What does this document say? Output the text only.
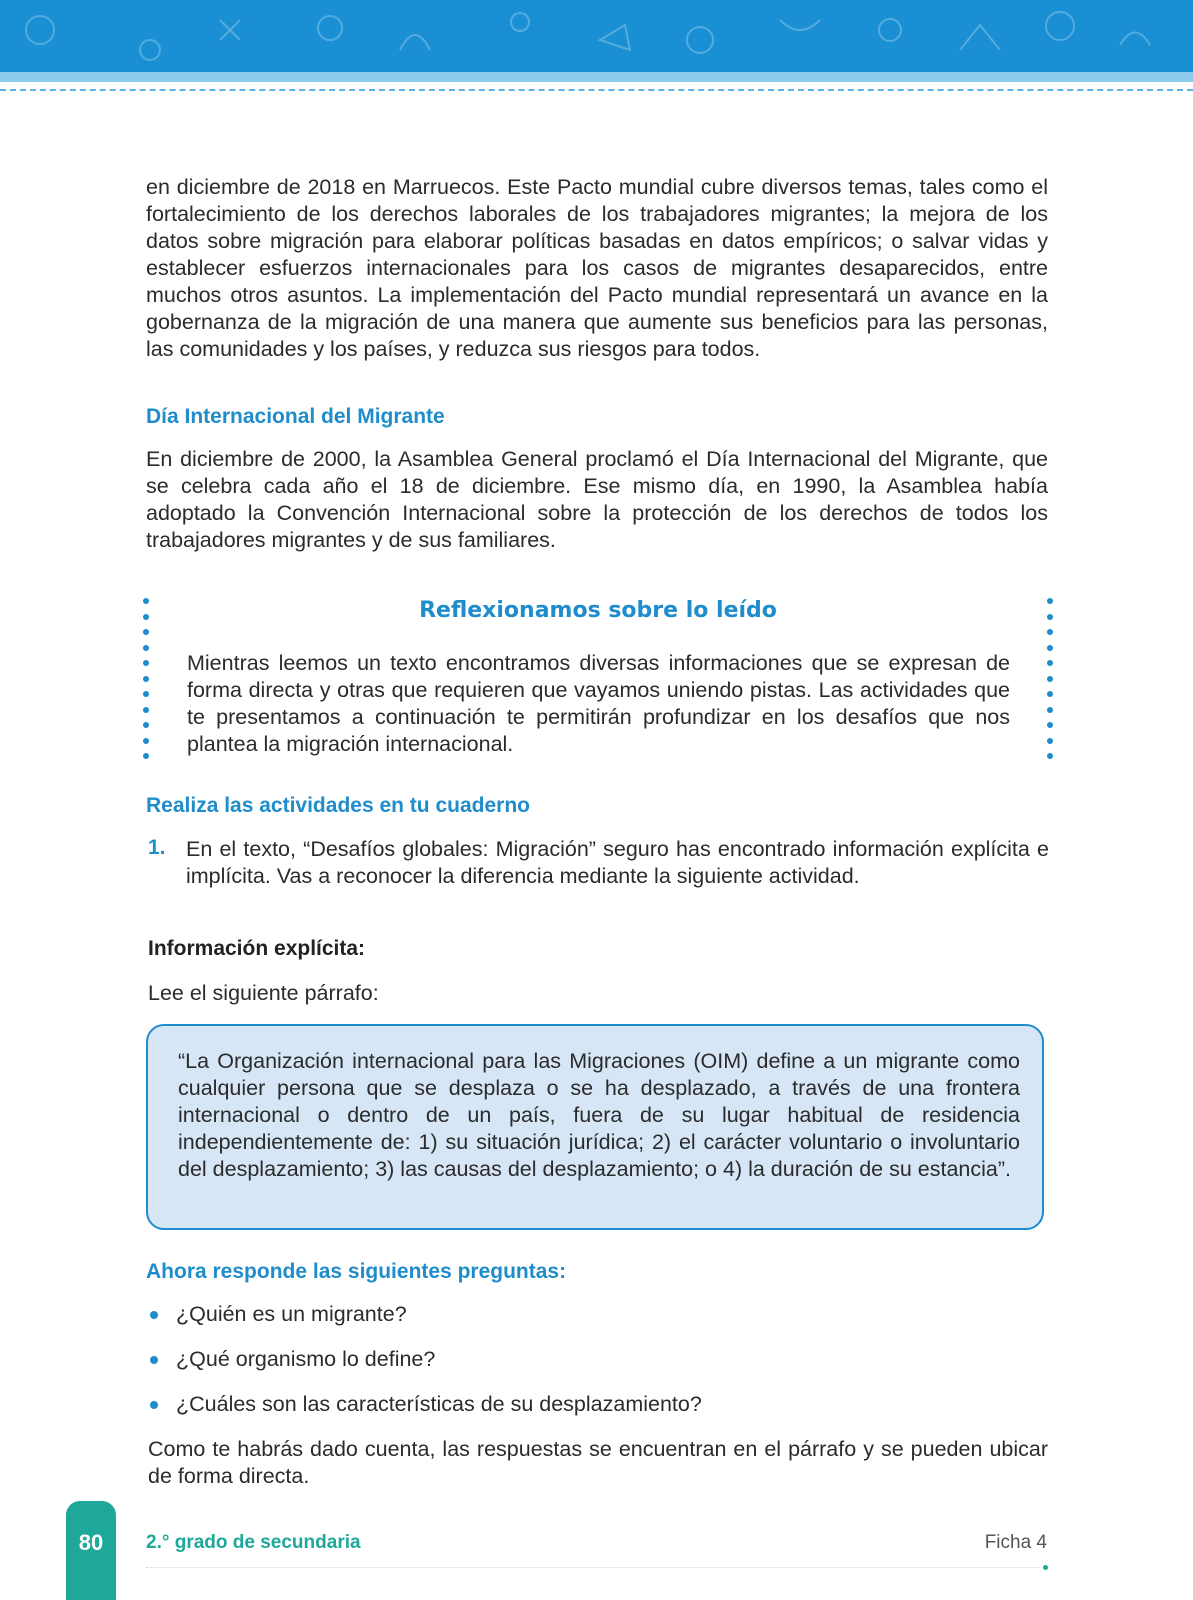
en diciembre de 2018 en Marruecos. Este Pacto mundial cubre diversos temas, tales como el fortalecimiento de los derechos laborales de los trabajadores migrantes; la mejora de los datos sobre migración para elaborar políticas basadas en datos empíricos; o salvar vidas y establecer esfuerzos internacionales para los casos de migrantes desaparecidos, entre muchos otros asuntos. La implementación del Pacto mundial representará un avance en la gobernanza de la migración de una manera que aumente sus beneficios para las personas, las comunidades y los países, y reduzca sus riesgos para todos.
Día Internacional del Migrante
En diciembre de 2000, la Asamblea General proclamó el Día Internacional del Migrante, que se celebra cada año el 18 de diciembre. Ese mismo día, en 1990, la Asamblea había adoptado la Convención Internacional sobre la protección de los derechos de todos los trabajadores migrantes y de sus familiares.
Reflexionamos sobre lo leído
Mientras leemos un texto encontramos diversas informaciones que se expresan de forma directa y otras que requieren que vayamos uniendo pistas. Las actividades que te presentamos a continuación te permitirán profundizar en los desafíos que nos plantea la migración internacional.
Realiza las actividades en tu cuaderno
1. En el texto, “Desafíos globales: Migración” seguro has encontrado información explícita e implícita. Vas a reconocer la diferencia mediante la siguiente actividad.
Información explícita:
Lee el siguiente párrafo:
“La Organización internacional para las Migraciones (OIM) define a un migrante como cualquier persona que se desplaza o se ha desplazado, a través de una frontera internacional o dentro de un país, fuera de su lugar habitual de residencia independientemente de: 1) su situación jurídica; 2) el carácter voluntario o involuntario del desplazamiento; 3) las causas del desplazamiento; o 4) la duración de su estancia”.
Ahora responde las siguientes preguntas:
¿Quién es un migrante?
¿Qué organismo lo define?
¿Cuáles son las características de su desplazamiento?
Como te habrás dado cuenta, las respuestas se encuentran en el párrafo y se pueden ubicar de forma directa.
80	2.° grado de secundaria	Ficha 4
